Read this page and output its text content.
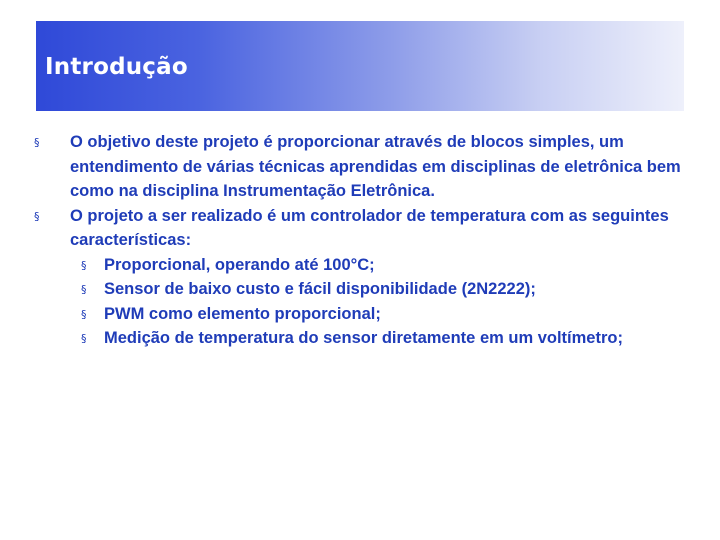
Introdução
§ O objetivo deste projeto é proporcionar através de blocos simples, um entendimento de várias técnicas aprendidas em disciplinas de eletrônica bem como na disciplina Instrumentação Eletrônica.
§ O projeto a ser realizado é um controlador de temperatura com as seguintes características:
§ Proporcional, operando até 100°C;
§ Sensor de baixo custo e fácil disponibilidade (2N2222);
§ PWM como elemento proporcional;
§ Medição de temperatura do sensor diretamente em um voltímetro;
